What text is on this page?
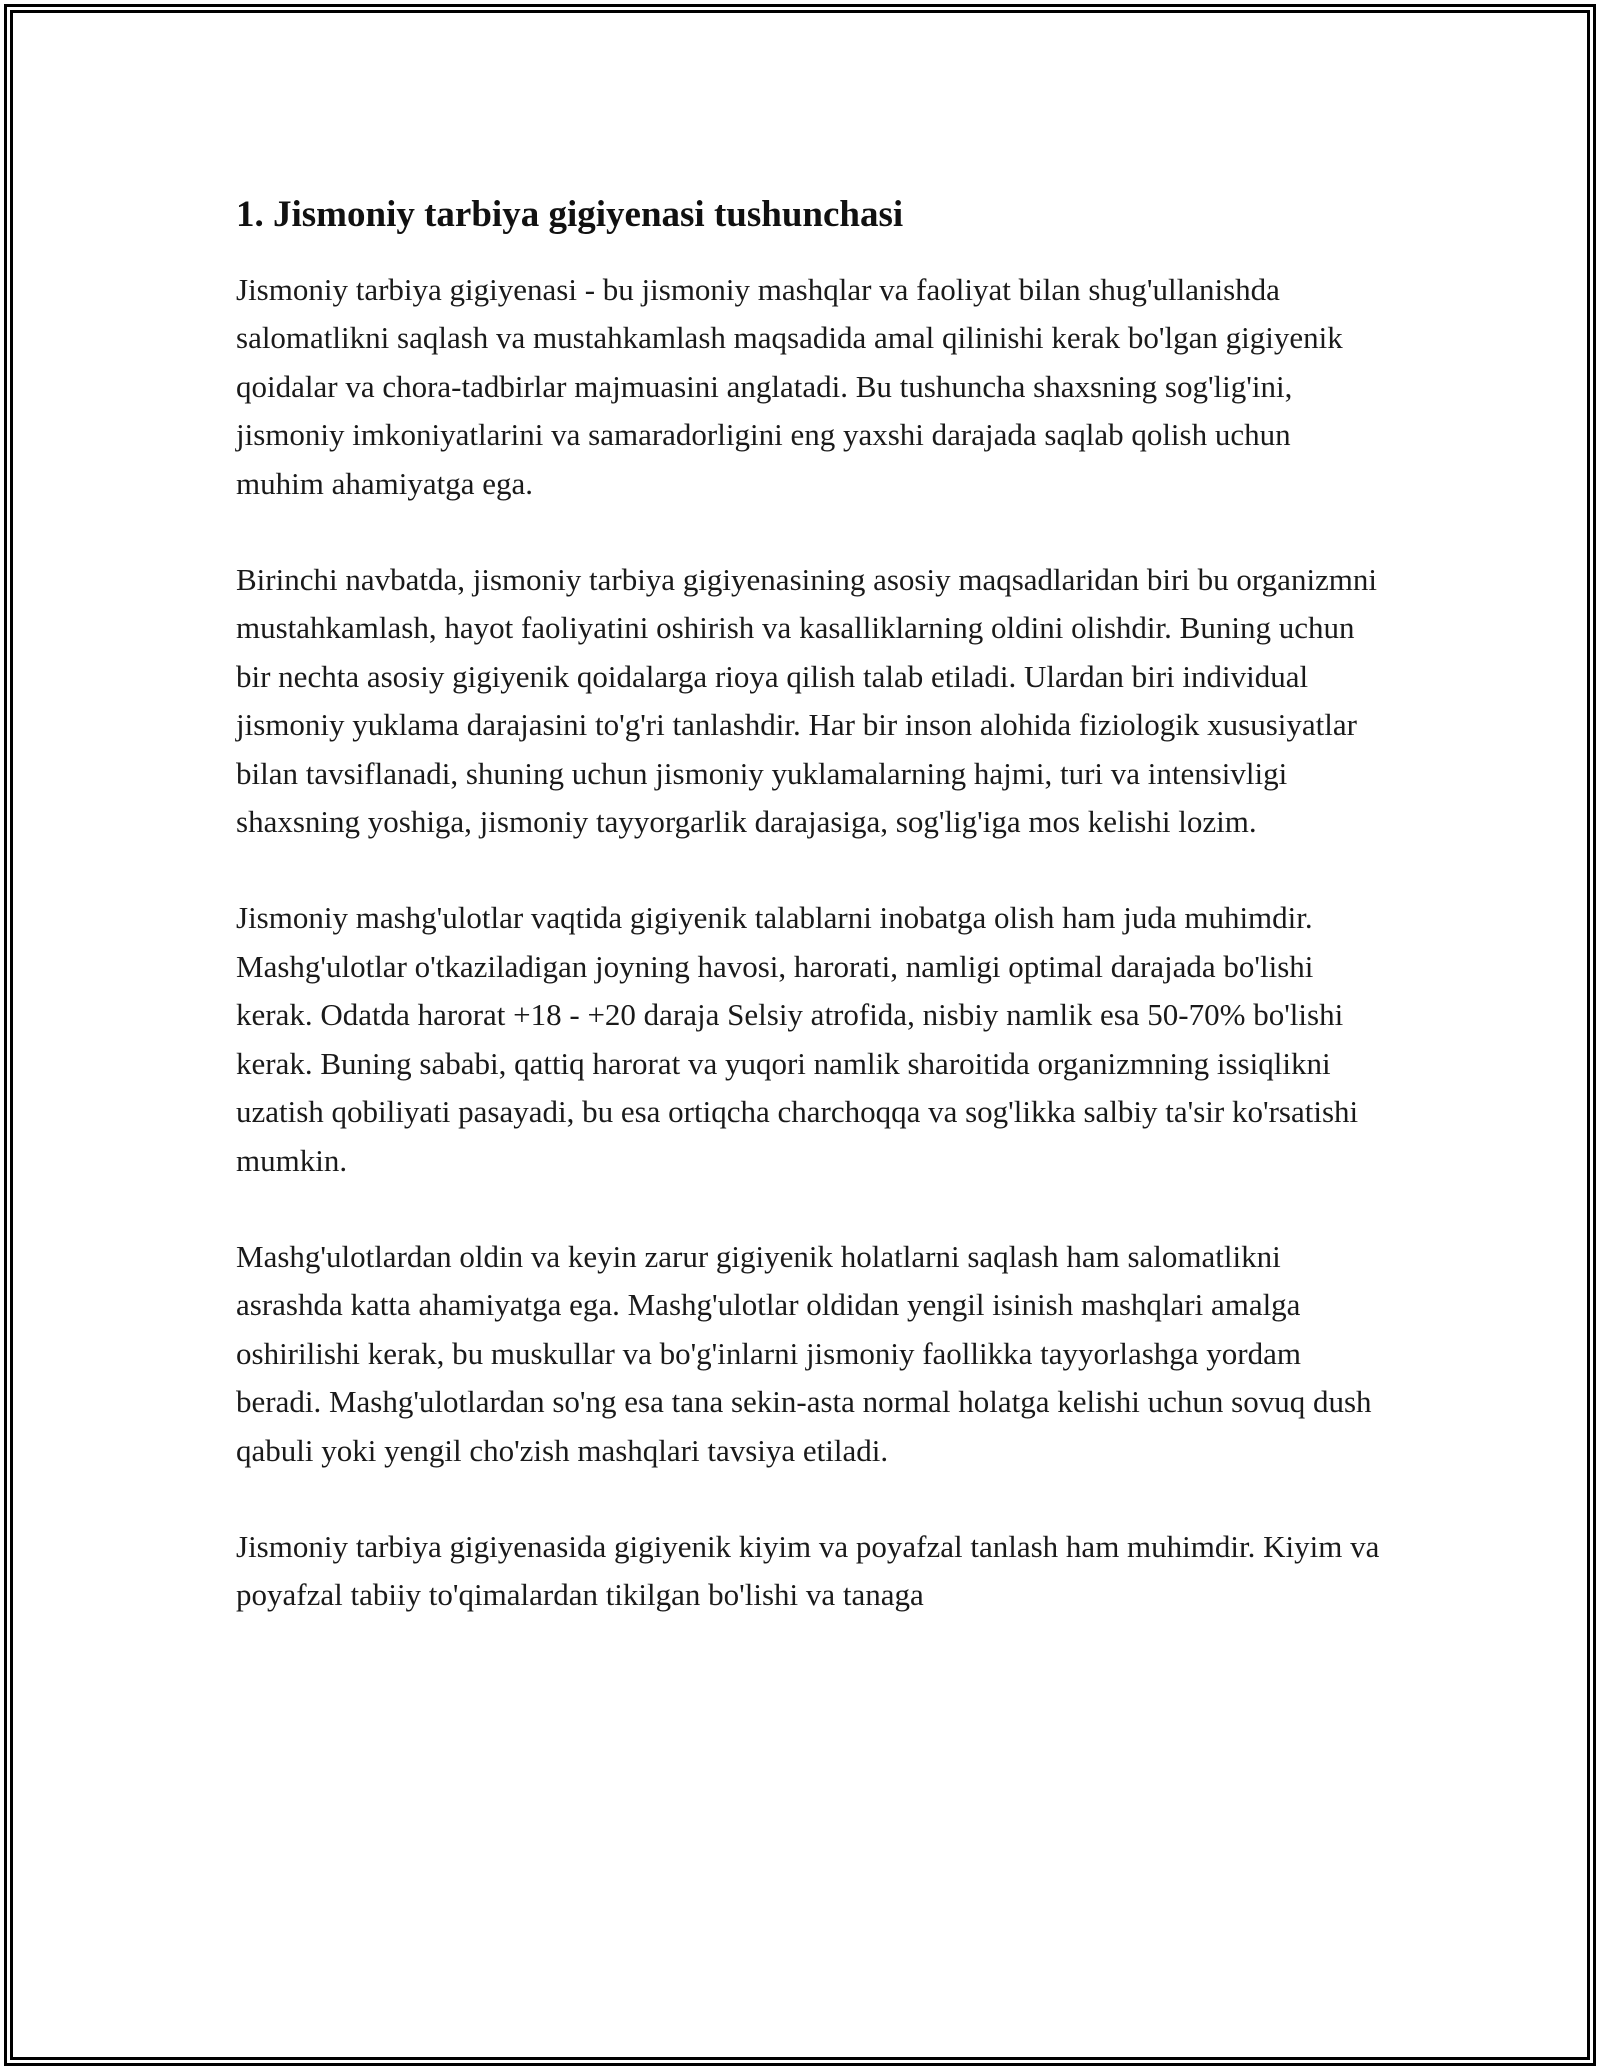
1. Jismoniy tarbiya gigiyenasi tushunchasi

Jismoniy tarbiya gigiyenasi - bu jismoniy mashqlar va faoliyat bilan shug'ullanishda salomatlikni saqlash va mustahkamlash maqsadida amal qilinishi kerak bo'lgan gigiyenik qoidalar va chora-tadbirlar majmuasini anglatadi. Bu tushuncha shaxsning sog'lig'ini, jismoniy imkoniyatlarini va samaradorligini eng yaxshi darajada saqlab qolish uchun muhim ahamiyatga ega.

Birinchi navbatda, jismoniy tarbiya gigiyenasining asosiy maqsadlaridan biri bu organizmni mustahkamlash, hayot faoliyatini oshirish va kasalliklarning oldini olishdir. Buning uchun bir nechta asosiy gigiyenik qoidalarga rioya qilish talab etiladi. Ulardan biri individual jismoniy yuklama darajasini to'g'ri tanlashdir. Har bir inson alohida fiziologik xususiyatlar bilan tavsiflanadi, shuning uchun jismoniy yuklamalarning hajmi, turi va intensivligi shaxsning yoshiga, jismoniy tayyorgarlik darajasiga, sog'lig'iga mos kelishi lozim.

Jismoniy mashg'ulotlar vaqtida gigiyenik talablarni inobatga olish ham juda muhimdir. Mashg'ulotlar o'tkaziladigan joyning havosi, harorati, namligi optimal darajada bo'lishi kerak. Odatda harorat +18 - +20 daraja Selsiy atrofida, nisbiy namlik esa 50-70% bo'lishi kerak. Buning sababi, qattiq harorat va yuqori namlik sharoitida organizmning issiqlikni uzatish qobiliyati pasayadi, bu esa ortiqcha charchoqqa va sog'likka salbiy ta'sir ko'rsatishi mumkin.

Mashg'ulotlardan oldin va keyin zarur gigiyenik holatlarni saqlash ham salomatlikni asrashda katta ahamiyatga ega. Mashg'ulotlar oldidan yengil isinish mashqlari amalga oshirilishi kerak, bu muskullar va bo'g'inlarni jismoniy faollikka tayyorlashga yordam beradi. Mashg'ulotlardan so'ng esa tana sekin-asta normal holatga kelishi uchun sovuq dush qabuli yoki yengil cho'zish mashqlari tavsiya etiladi.

Jismoniy tarbiya gigiyenasida gigiyenik kiyim va poyafzal tanlash ham muhimdir. Kiyim va poyafzal tabiiy to'qimalardan tikilgan bo'lishi va tanaga
